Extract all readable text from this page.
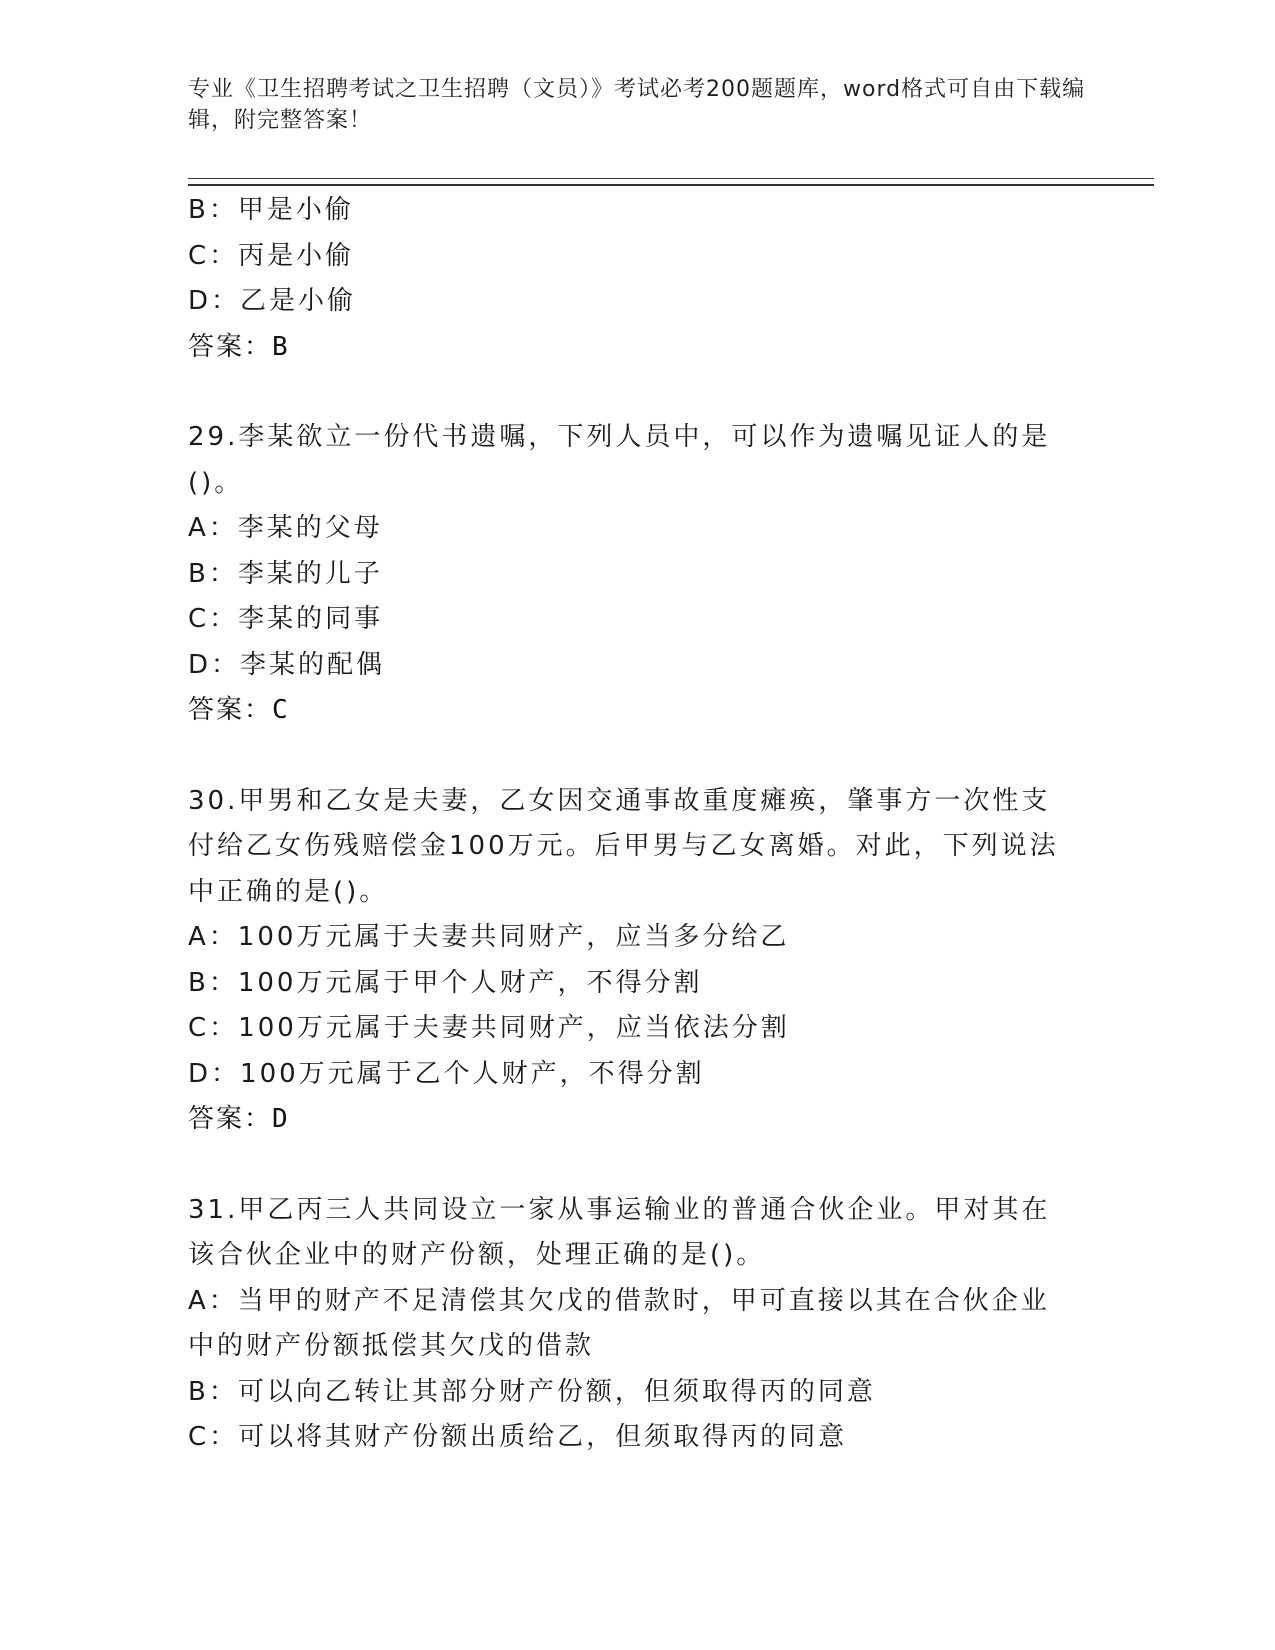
专业《卫生招聘考试之卫生招聘（文员）》考试必考200题题库，word格式可自由下载编辑，附完整答案！
B：甲是小偷
C：丙是小偷
D：乙是小偷
答案：B
29.李某欲立一份代书遗嘱，下列人员中，可以作为遗嘱见证人的是()。
A：李某的父母
B：李某的儿子
C：李某的同事
D：李某的配偶
答案：C
30.甲男和乙女是夫妻，乙女因交通事故重度瘫痪，肇事方一次性支付给乙女伤残赔偿金100万元。后甲男与乙女离婚。对此，下列说法中正确的是()。
A：100万元属于夫妻共同财产，应当多分给乙
B：100万元属于甲个人财产，不得分割
C：100万元属于夫妻共同财产，应当依法分割
D：100万元属于乙个人财产，不得分割
答案：D
31.甲乙丙三人共同设立一家从事运输业的普通合伙企业。甲对其在该合伙企业中的财产份额，处理正确的是()。
A：当甲的财产不足清偿其欠戊的借款时，甲可直接以其在合伙企业中的财产份额抵偿其欠戊的借款
B：可以向乙转让其部分财产份额，但须取得丙的同意
C：可以将其财产份额出质给乙，但须取得丙的同意
